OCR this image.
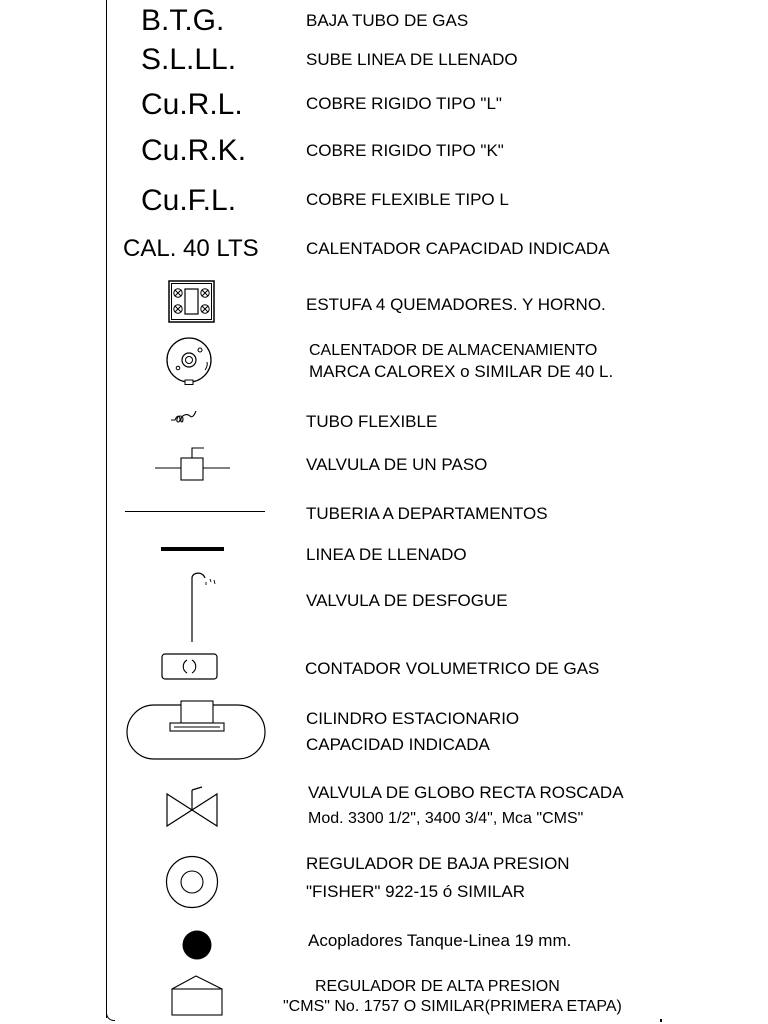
B.T.G.	BAJA TUBO DE GAS
S.L.LL.	SUBE LINEA DE LLENADO
Cu.R.L.	COBRE RIGIDO TIPO "L"
Cu.R.K.	COBRE RIGIDO TIPO "K"
Cu.F.L.	COBRE FLEXIBLE TIPO L
CAL. 40 LTS	CALENTADOR CAPACIDAD INDICADA
ESTUFA 4 QUEMADORES. Y HORNO.
CALENTADOR DE ALMACENAMIENTO
MARCA CALOREX o SIMILAR DE 40 L.
TUBO FLEXIBLE
VALVULA DE UN PASO
TUBERIA A DEPARTAMENTOS
LINEA DE LLENADO
VALVULA DE DESFOGUE
CONTADOR VOLUMETRICO DE GAS
CILINDRO ESTACIONARIO
CAPACIDAD INDICADA
VALVULA DE GLOBO RECTA ROSCADA
Mod. 3300 1/2", 3400 3/4", Mca "CMS"
REGULADOR DE BAJA PRESION
"FISHER" 922-15 ó SIMILAR
Acopladores Tanque-Linea 19 mm.
REGULADOR DE ALTA PRESION
"CMS" No. 1757 O SIMILAR(PRIMERA ETAPA)
